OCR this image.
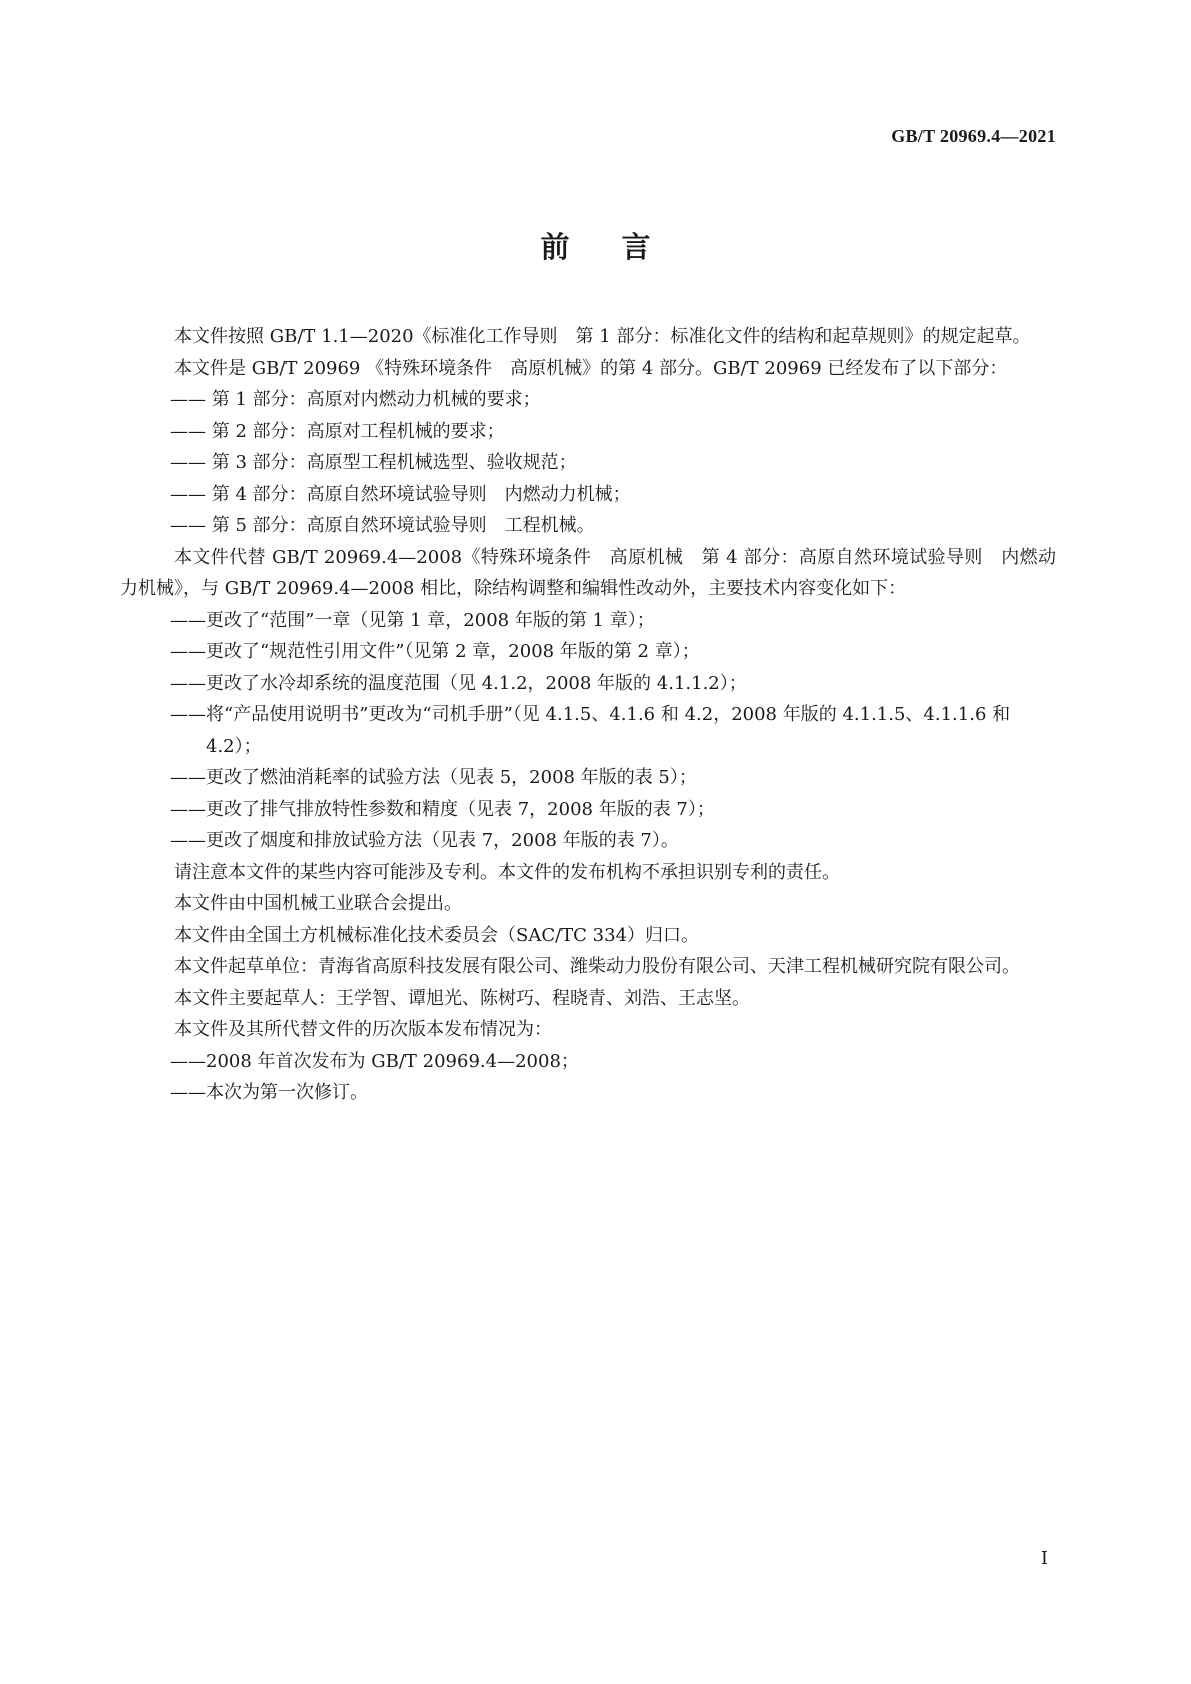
GB/T 20969.4—2021
前言

本文件按照 GB/T 1.1—2020《标准化工作导则　第 1 部分：标准化文件的结构和起草规则》的规定起草。

本文件是 GB/T 20969 《特殊环境条件　高原机械》的第 4 部分。GB/T 20969 已经发布了以下部分：

—— 第 1 部分：高原对内燃动力机械的要求；

—— 第 2 部分：高原对工程机械的要求；

—— 第 3 部分：高原型工程机械选型、验收规范；

—— 第 4 部分：高原自然环境试验导则　内燃动力机械；

—— 第 5 部分：高原自然环境试验导则　工程机械。

本文件代替 GB/T 20969.4—2008《特殊环境条件　高原机械　第 4 部分：高原自然环境试验导则　内燃动力机械》，与 GB/T 20969.4—2008 相比，除结构调整和编辑性改动外，主要技术内容变化如下：

——更改了“范围”一章（见第 1 章，2008 年版的第 1 章）；

——更改了“规范性引用文件”（见第 2 章，2008 年版的第 2 章）；

——更改了水冷却系统的温度范围（见 4.1.2，2008 年版的 4.1.1.2）；

——将“产品使用说明书”更改为“司机手册”（见 4.1.5、4.1.6 和 4.2，2008 年版的 4.1.1.5、4.1.1.6 和 4.2）；

——更改了燃油消耗率的试验方法（见表 5，2008 年版的表 5）；

——更改了排气排放特性参数和精度（见表 7，2008 年版的表 7）；

——更改了烟度和排放试验方法（见表 7，2008 年版的表 7）。

请注意本文件的某些内容可能涉及专利。本文件的发布机构不承担识别专利的责任。

本文件由中国机械工业联合会提出。

本文件由全国土方机械标准化技术委员会（SAC/TC 334）归口。

本文件起草单位：青海省高原科技发展有限公司、潍柴动力股份有限公司、天津工程机械研究院有限公司。

本文件主要起草人：王学智、谭旭光、陈树巧、程晓青、刘浩、王志坚。

本文件及其所代替文件的历次版本发布情况为：

——2008 年首次发布为 GB/T 20969.4—2008；

——本次为第一次修订。

I
